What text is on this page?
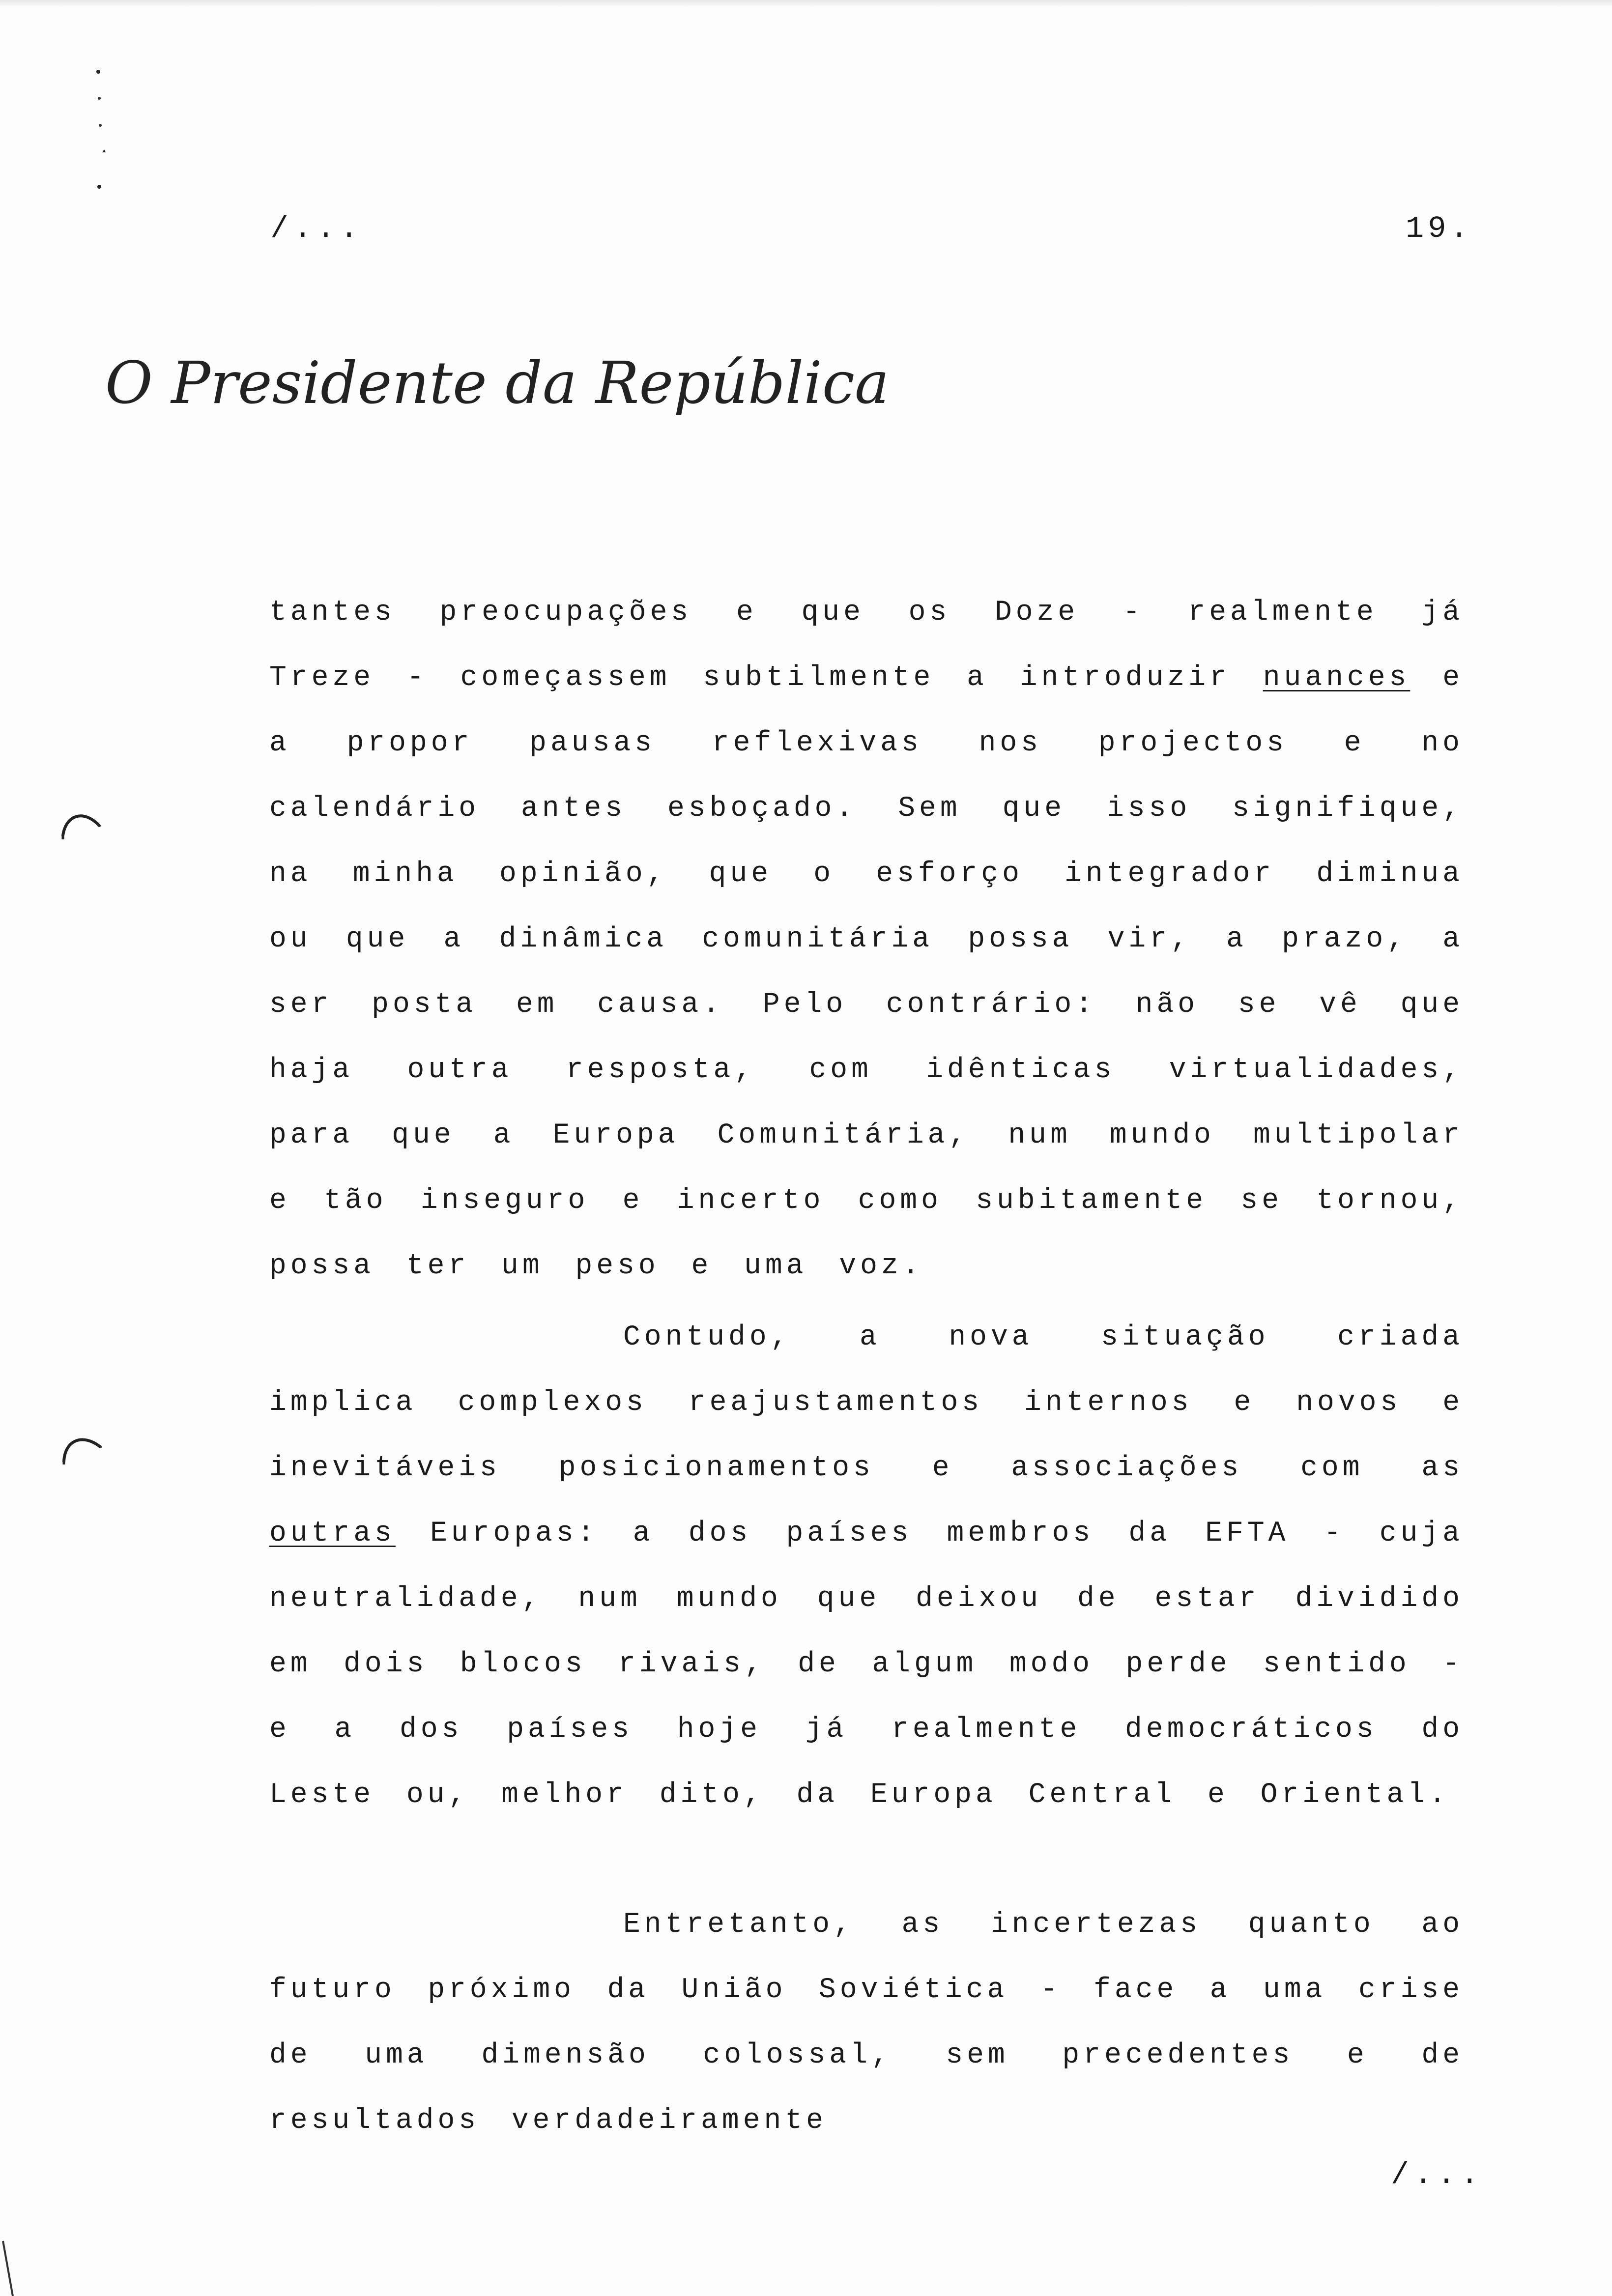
/...	19.
O Presidente da República
tantes preocupações e que os Doze - realmente já Treze - começassem subtilmente a introduzir nuances e a propor pausas reflexivas nos projectos e no calendário antes esboçado. Sem que isso signifique, na minha opinião, que o esforço integrador diminua ou que a dinâmica comunitária possa vir, a prazo, a ser posta em causa. Pelo contrário: não se vê que haja outra resposta, com idênticas virtualidades, para que a Europa Comunitária, num mundo multipolar e tão inseguro e incerto como subitamente se tornou, possa ter um peso e uma voz.
Contudo, a nova situação criada implica complexos reajustamentos internos e novos e inevitáveis posicionamentos e associações com as outras Europas: a dos países membros da EFTA - cuja neutralidade, num mundo que deixou de estar dividido em dois blocos rivais, de algum modo perde sentido - e a dos países hoje já realmente democráticos do Leste ou, melhor dito, da Europa Central e Oriental.
Entretanto, as incertezas quanto ao futuro próximo da União Soviética - face a uma crise de uma dimensão colossal, sem precedentes e de resultados verdadeiramente
/...
